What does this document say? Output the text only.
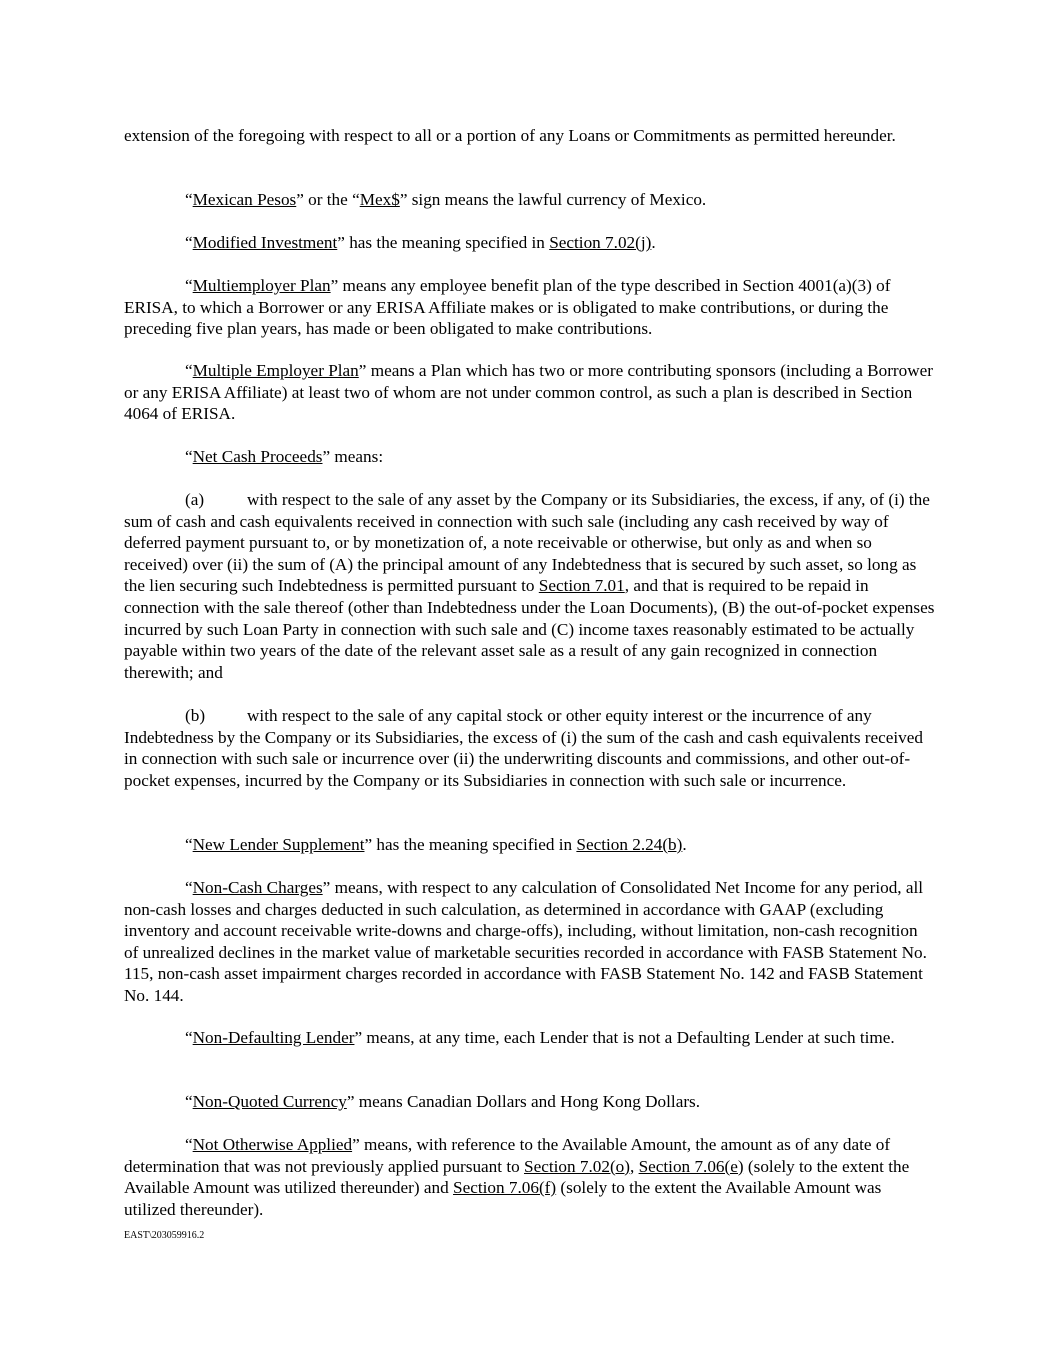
extension of the foregoing with respect to all or a portion of any Loans or Commitments as permitted hereunder.

“Mexican Pesos” or the “Mex$” sign means the lawful currency of Mexico.

“Modified Investment” has the meaning specified in Section 7.02(j).

“Multiemployer Plan” means any employee benefit plan of the type described in Section 4001(a)(3) of ERISA, to which a Borrower or any ERISA Affiliate makes or is obligated to make contributions, or during the preceding five plan years, has made or been obligated to make contributions.

“Multiple Employer Plan” means a Plan which has two or more contributing sponsors (including a Borrower or any ERISA Affiliate) at least two of whom are not under common control, as such a plan is described in Section 4064 of ERISA.

“Net Cash Proceeds” means:

(a) with respect to the sale of any asset by the Company or its Subsidiaries, the excess, if any, of (i) the sum of cash and cash equivalents received in connection with such sale (including any cash received by way of deferred payment pursuant to, or by monetization of, a note receivable or otherwise, but only as and when so received) over (ii) the sum of (A) the principal amount of any Indebtedness that is secured by such asset, so long as the lien securing such Indebtedness is permitted pursuant to Section 7.01, and that is required to be repaid in connection with the sale thereof (other than Indebtedness under the Loan Documents), (B) the out-of-pocket expenses incurred by such Loan Party in connection with such sale and (C) income taxes reasonably estimated to be actually payable within two years of the date of the relevant asset sale as a result of any gain recognized in connection therewith; and

(b) with respect to the sale of any capital stock or other equity interest or the incurrence of any Indebtedness by the Company or its Subsidiaries, the excess of (i) the sum of the cash and cash equivalents received in connection with such sale or incurrence over (ii) the underwriting discounts and commissions, and other out-of-pocket expenses, incurred by the Company or its Subsidiaries in connection with such sale or incurrence.

“New Lender Supplement” has the meaning specified in Section 2.24(b).

“Non-Cash Charges” means, with respect to any calculation of Consolidated Net Income for any period, all non-cash losses and charges deducted in such calculation, as determined in accordance with GAAP (excluding inventory and account receivable write-downs and charge-offs), including, without limitation, non-cash recognition of unrealized declines in the market value of marketable securities recorded in accordance with FASB Statement No. 115, non-cash asset impairment charges recorded in accordance with FASB Statement No. 142 and FASB Statement No. 144.

“Non-Defaulting Lender” means, at any time, each Lender that is not a Defaulting Lender at such time.

“Non-Quoted Currency” means Canadian Dollars and Hong Kong Dollars.

“Not Otherwise Applied” means, with reference to the Available Amount, the amount as of any date of determination that was not previously applied pursuant to Section 7.02(o), Section 7.06(e) (solely to the extent the Available Amount was utilized thereunder) and Section 7.06(f) (solely to the extent the Available Amount was utilized thereunder).

EAST\203059916.2
